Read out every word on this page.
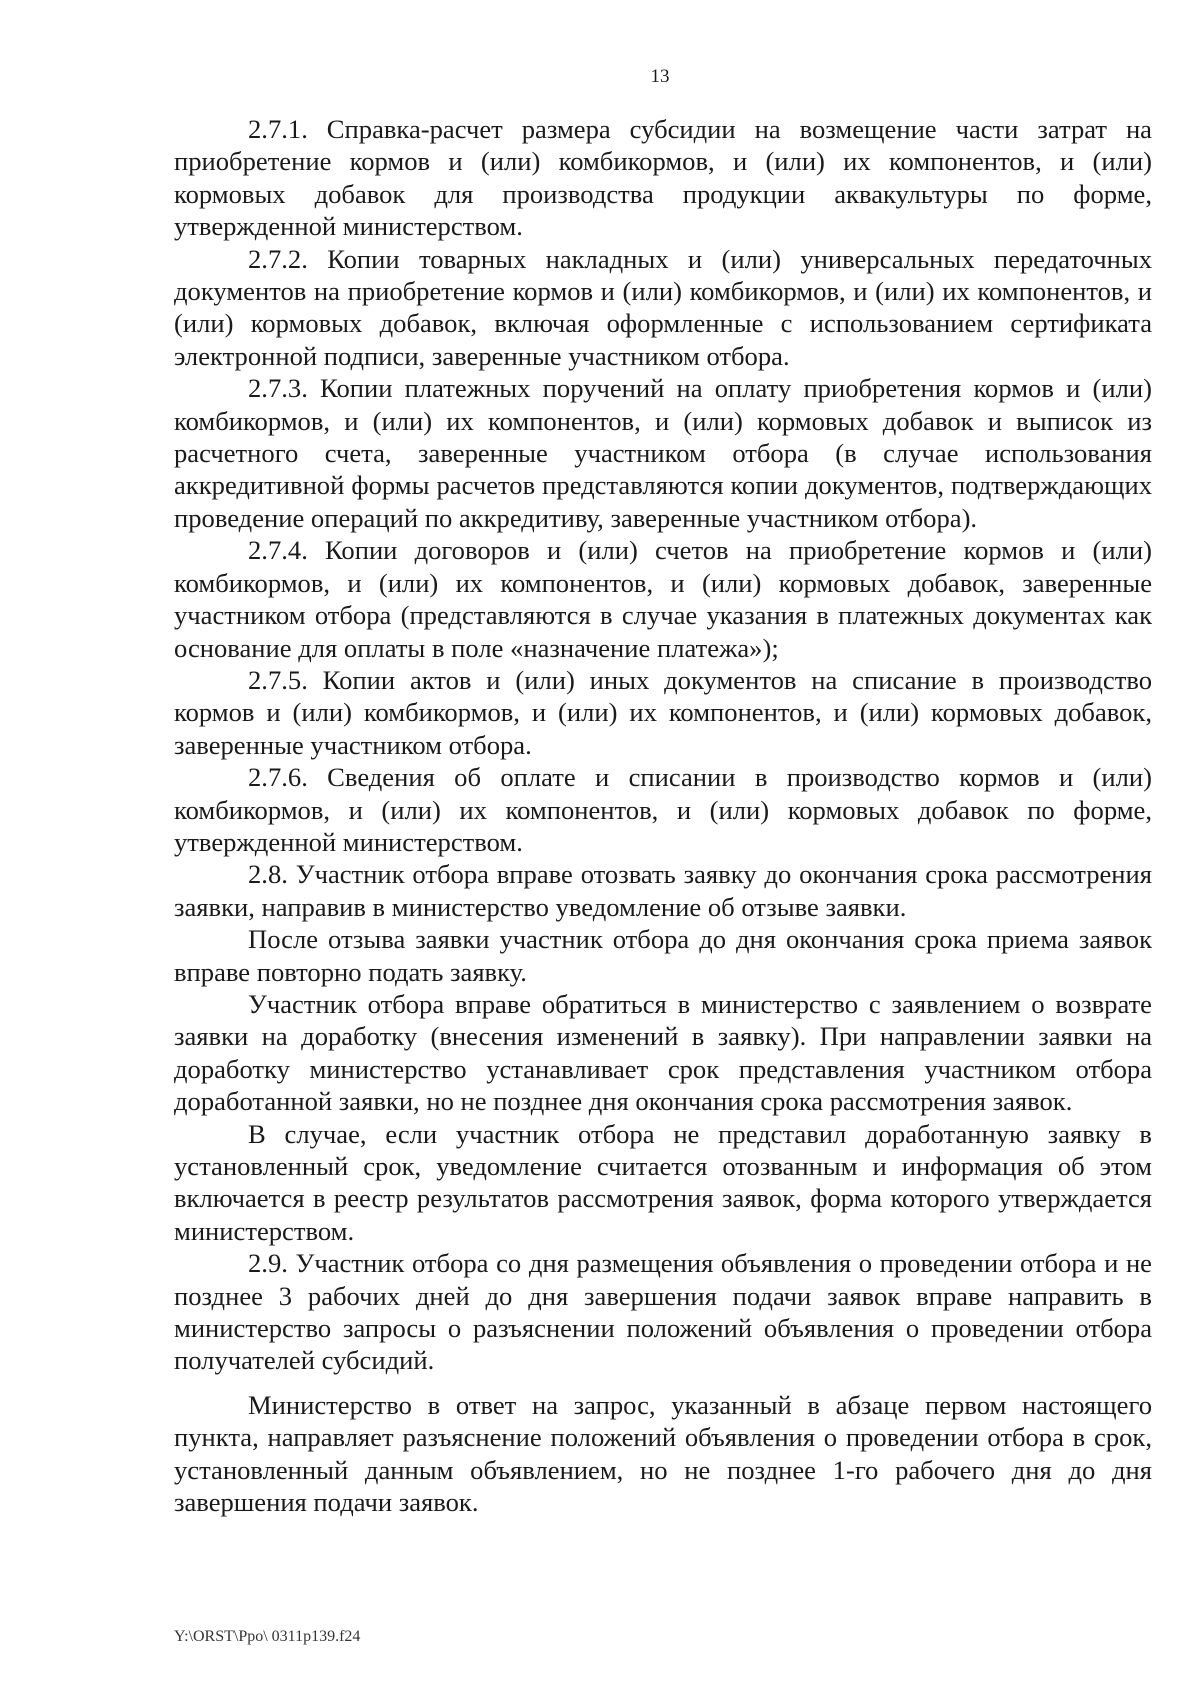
13

2.7.1. Справка-расчет размера субсидии на возмещение части затрат на приобретение кормов и (или) комбикормов, и (или) их компонентов, и (или) кормовых добавок для производства продукции аквакультуры по форме, утвержденной министерством.

2.7.2. Копии товарных накладных и (или) универсальных передаточных документов на приобретение кормов и (или) комбикормов, и (или) их компонентов, и (или) кормовых добавок, включая оформленные с использованием сертификата электронной подписи, заверенные участником отбора.

2.7.3. Копии платежных поручений на оплату приобретения кормов и (или) комбикормов, и (или) их компонентов, и (или) кормовых добавок и выписок из расчетного счета, заверенные участником отбора (в случае использования аккредитивной формы расчетов представляются копии документов, подтверждающих проведение операций по аккредитиву, заверенные участником отбора).

2.7.4. Копии договоров и (или) счетов на приобретение кормов и (или) комбикормов, и (или) их компонентов, и (или) кормовых добавок, заверенные участником отбора (представляются в случае указания в платежных документах как основание для оплаты в поле «назначение платежа»);

2.7.5. Копии актов и (или) иных документов на списание в производство кормов и (или) комбикормов, и (или) их компонентов, и (или) кормовых добавок, заверенные участником отбора.

2.7.6. Сведения об оплате и списании в производство кормов и (или) комбикормов, и (или) их компонентов, и (или) кормовых добавок по форме, утвержденной министерством.

2.8. Участник отбора вправе отозвать заявку до окончания срока рассмотрения заявки, направив в министерство уведомление об отзыве заявки.

После отзыва заявки участник отбора до дня окончания срока приема заявок вправе повторно подать заявку.

Участник отбора вправе обратиться в министерство с заявлением о возврате заявки на доработку (внесения изменений в заявку). При направлении заявки на доработку министерство устанавливает срок представления участником отбора доработанной заявки, но не позднее дня окончания срока рассмотрения заявок.

В случае, если участник отбора не представил доработанную заявку в установленный срок, уведомление считается отозванным и информация об этом включается в реестр результатов рассмотрения заявок, форма которого утверждается министерством.

2.9. Участник отбора со дня размещения объявления о проведении отбора и не позднее 3 рабочих дней до дня завершения подачи заявок вправе направить в министерство запросы о разъяснении положений объявления о проведении отбора получателей субсидий.

Министерство в ответ на запрос, указанный в абзаце первом настоящего пункта, направляет разъяснение положений объявления о проведении отбора в срок, установленный данным объявлением, но не позднее 1-го рабочего дня до дня завершения подачи заявок.

Y:\ORST\Ppo\ 0311p139.f24
